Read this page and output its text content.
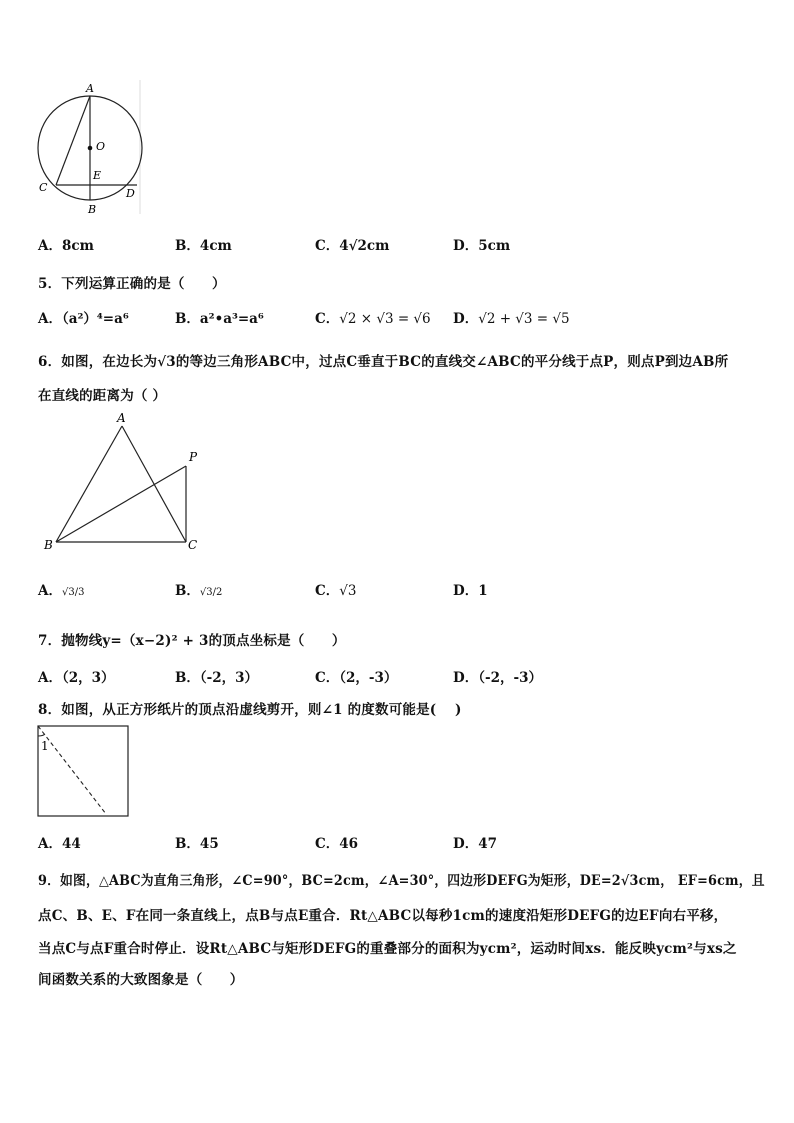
A
O
E
C	D
B
A．8cm	B．4cm	C．4√2cm	D．5cm
5．下列运算正确的是（　　）
A．（a²）⁴=a⁶	B．a²•a³=a⁶	C．√2 × √3 = √6 D．√2 + √3 = √5
6．如图，在边长为√3的等边三角形ABC中，过点C垂直于BC的直线交∠ABC的平分线于点P，则点P到边AB所
在直线的距离为（ ）
A
P
B	C
A．√3/3	B．√3/2	C．√3	D．1
7．抛物线y=（x−2)² + 3的顶点坐标是（　　）
A．（2，3）	B．（-2，3）	C．（2，-3）	D．（-2，-3）
8．如图，从正方形纸片的顶点沿虚线剪开，则∠1 的度数可能是(　 )
1
A．44	B．45	C．46	D．47
9．如图，△ABC为直角三角形，∠C=90°，BC=2cm，∠A=30°，四边形DEFG为矩形，DE=2√3cm， EF=6cm，且
点C、B、E、F在同一条直线上，点B与点E重合．Rt△ABC以每秒1cm的速度沿矩形DEFG的边EF向右平移，
当点C与点F重合时停止．设Rt△ABC与矩形DEFG的重叠部分的面积为ycm²，运动时间xs．能反映ycm²与xs之
间函数关系的大致图象是（　　）
